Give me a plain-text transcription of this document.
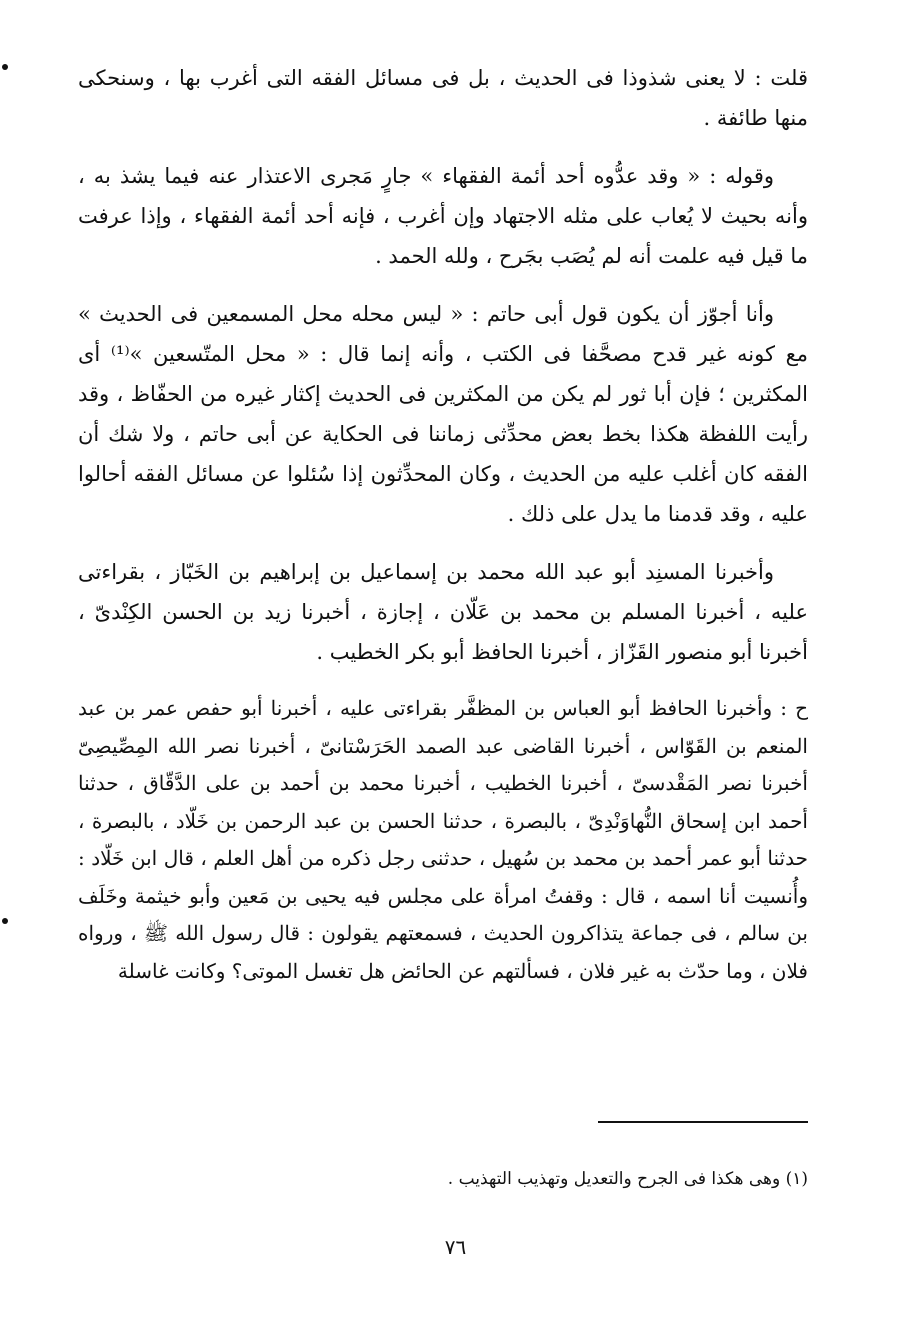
قلت : لا يعنى شذوذا فى الحديث ، بل فى مسائل الفقه التى أغرب بها ، وسنحكى منها طائفة .

وقوله : « وقد عدُّوه أحد أئمة الفقهاء » جارٍ مَجرى الاعتذار عنه فيما يشذ به ، وأنه بحيث لا يُعاب على مثله الاجتهاد وإن أغرب ، فإنه أحد أئمة الفقهاء ، وإذا عرفت ما قيل فيه علمت أنه لم يُصَب بجَرح ، ولله الحمد .

وأنا أجوّز أن يكون قول أبى حاتم : « ليس محله محل المسمعين فى الحديث » مع كونه غير قدح مصحَّفا فى الكتب ، وأنه إنما قال : « محل المتّسعين »⁽¹⁾ أى المكثرين ؛ فإن أبا ثور لم يكن من المكثرين فى الحديث إكثار غيره من الحفّاظ ، وقد رأيت اللفظة هكذا بخط بعض محدِّثى زماننا فى الحكاية عن أبى حاتم ، ولا شك أن الفقه كان أغلب عليه من الحديث ، وكان المحدِّثون إذا سُئلوا عن مسائل الفقه أحالوا عليه ، وقد قدمنا ما يدل على ذلك .

وأخبرنا المسنِد أبو عبد الله محمد بن إسماعيل بن إبراهيم بن الخَبّاز ، بقراءتى عليه ، أخبرنا المسلم بن محمد بن عَلّان ، إجازة ، أخبرنا زيد بن الحسن الكِنْدىّ ، أخبرنا أبو منصور القَزّاز ، أخبرنا الحافظ أبو بكر الخطيب .

ح : وأخبرنا الحافظ أبو العباس بن المظفَّر بقراءتى عليه ، أخبرنا أبو حفص عمر بن عبد المنعم بن القَوّاس ، أخبرنا القاضى عبد الصمد الحَرَسْتانىّ ، أخبرنا نصر الله المِصِّيصِىّ أخبرنا نصر المَقْدسىّ ، أخبرنا الخطيب ، أخبرنا محمد بن أحمد بن على الدَّقّاق ، حدثنا أحمد ابن إسحاق النُّهاوَنْدِىّ ، بالبصرة ، حدثنا الحسن بن عبد الرحمن بن خَلّاد ، بالبصرة ، حدثنا أبو عمر أحمد بن محمد بن سُهيل ، حدثنى رجل ذكره من أهل العلم ، قال ابن خَلّاد : وأُنسيت أنا اسمه ، قال : وقفتُ امرأة على مجلس فيه يحيى بن مَعين وأبو خيثمة وخَلَف بن سالم ، فى جماعة يتذاكرون الحديث ، فسمعتهم يقولون : قال رسول الله ﷺ ، ورواه فلان ، وما حدّث به غير فلان ، فسألتهم عن الحائض هل تغسل الموتى؟ وكانت غاسلة

(١) وهى هكذا فى الجرح والتعديل وتهذيب التهذيب .

٧٦
